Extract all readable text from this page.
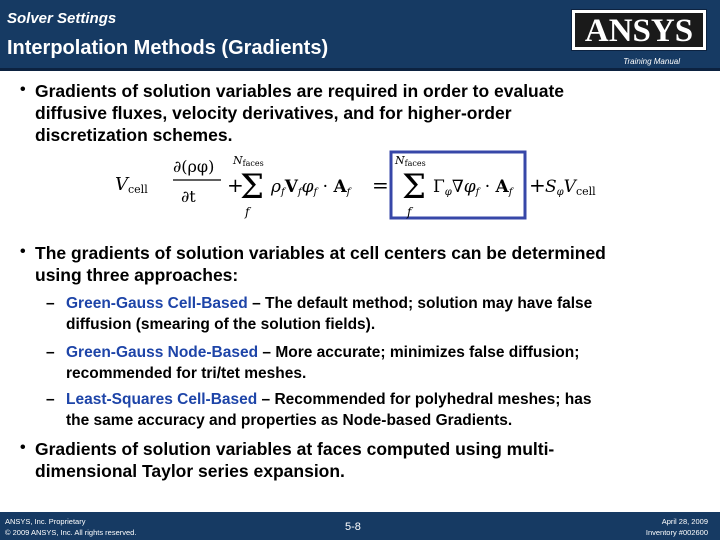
Solver Settings
Interpolation Methods (Gradients)	ANSYS
Training Manual
• Gradients of solution variables are required in order to evaluate
diffusive fluxes, velocity derivatives, and for higher-order
discretization schemes.
Vcell
∂(ρφ)
∂t +
Nfaces
Σ
f
ρfVfφf · Af =
Nfaces
Σ
f
Γφ∇φf · Af + SφVcell
• The gradients of solution variables at cell centers can be determined
using three approaches:
– Green-Gauss Cell-Based – The default method; solution may have false
diffusion (smearing of the solution fields).
– Green-Gauss Node-Based – More accurate; minimizes false diffusion;
recommended for tri/tet meshes.
– Least-Squares Cell-Based – Recommended for polyhedral meshes; has
the same accuracy and properties as Node-based Gradients.
• Gradients of solution variables at faces computed using multi-
dimensional Taylor series expansion.
ANSYS, Inc. Proprietary
© 2009 ANSYS, Inc. All rights reserved.	5-8	April 28, 2009
Inventory #002600
